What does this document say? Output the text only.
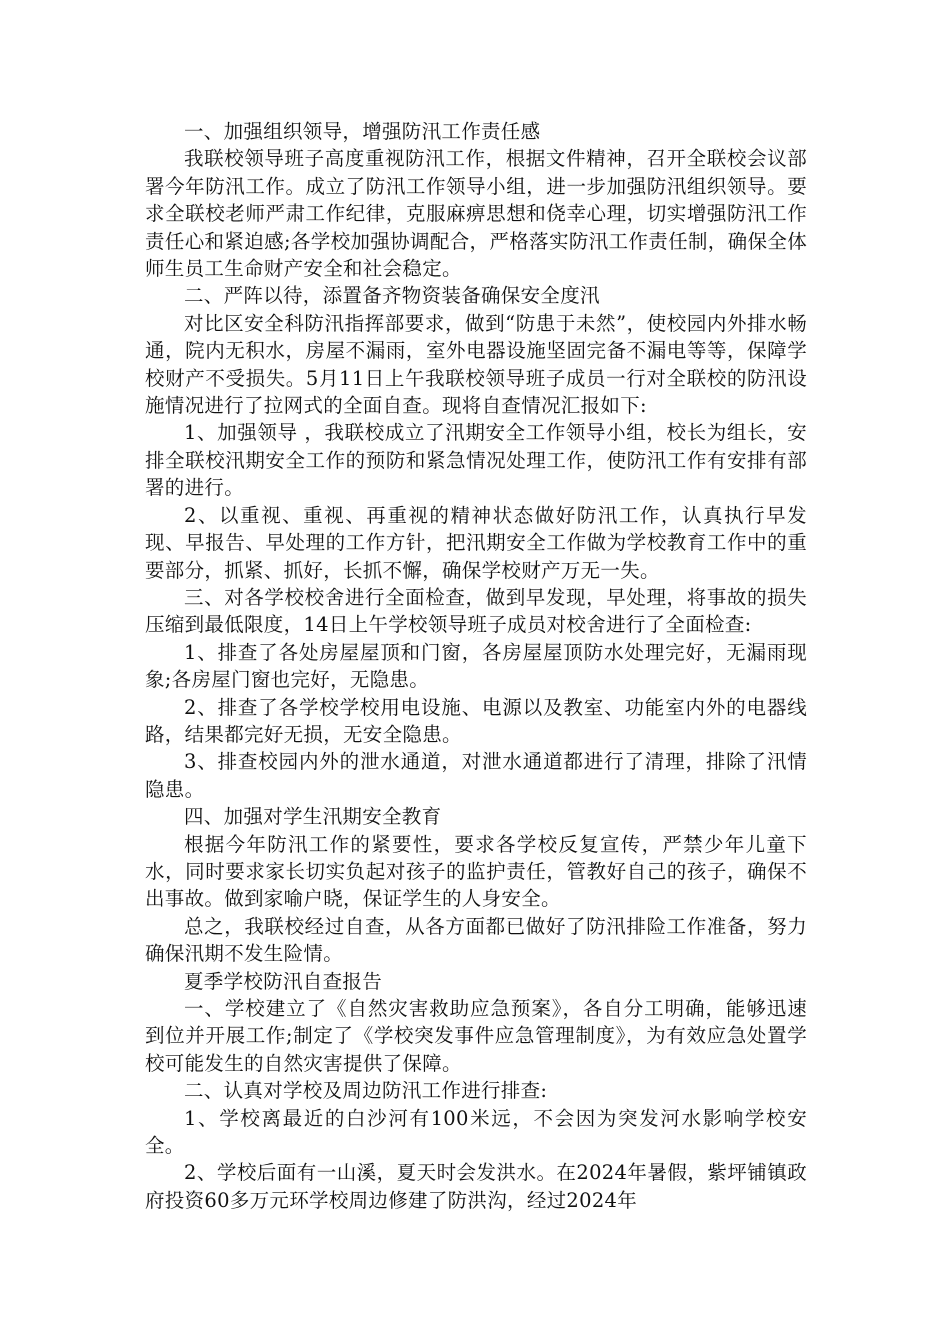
一、加强组织领导，增强防汛工作责任感

我联校领导班子高度重视防汛工作，根据文件精神，召开全联校会议部署今年防汛工作。成立了防汛工作领导小组，进一步加强防汛组织领导。要求全联校老师严肃工作纪律，克服麻痹思想和侥幸心理，切实增强防汛工作责任心和紧迫感;各学校加强协调配合，严格落实防汛工作责任制，确保全体师生员工生命财产安全和社会稳定。

二、严阵以待，添置备齐物资装备确保安全度汛

对比区安全科防汛指挥部要求，做到“防患于未然”，使校园内外排水畅通，院内无积水，房屋不漏雨，室外电器设施坚固完备不漏电等等，保障学校财产不受损失。5月11日上午我联校领导班子成员一行对全联校的防汛设施情况进行了拉网式的全面自查。现将自查情况汇报如下:

1、加强领导 ，我联校成立了汛期安全工作领导小组，校长为组长，安排全联校汛期安全工作的预防和紧急情况处理工作，使防汛工作有安排有部署的进行。

2、以重视、重视、再重视的精神状态做好防汛工作，认真执行早发现、早报告、早处理的工作方针，把汛期安全工作做为学校教育工作中的重要部分，抓紧、抓好，长抓不懈，确保学校财产万无一失。

三、对各学校校舍进行全面检查，做到早发现，早处理，将事故的损失压缩到最低限度，14日上午学校领导班子成员对校舍进行了全面检查:

1、排查了各处房屋屋顶和门窗，各房屋屋顶防水处理完好，无漏雨现象;各房屋门窗也完好，无隐患。

2、排查了各学校学校用电设施、电源以及教室、功能室内外的电器线路，结果都完好无损，无安全隐患。

3、排查校园内外的泄水通道，对泄水通道都进行了清理，排除了汛情隐患。

四、加强对学生汛期安全教育

根据今年防汛工作的紧要性，要求各学校反复宣传，严禁少年儿童下水，同时要求家长切实负起对孩子的监护责任，管教好自己的孩子，确保不出事故。做到家喻户晓，保证学生的人身安全。

总之，我联校经过自查，从各方面都已做好了防汛排险工作准备，努力确保汛期不发生险情。

夏季学校防汛自查报告

一、学校建立了《自然灾害救助应急预案》，各自分工明确，能够迅速到位并开展工作;制定了《学校突发事件应急管理制度》，为有效应急处置学校可能发生的自然灾害提供了保障。

二、认真对学校及周边防汛工作进行排查:

1、学校离最近的白沙河有100米远，不会因为突发河水影响学校安全。

2、学校后面有一山溪，夏天时会发洪水。在2024年暑假，紫坪铺镇政府投资60多万元环学校周边修建了防洪沟，经过2024年
